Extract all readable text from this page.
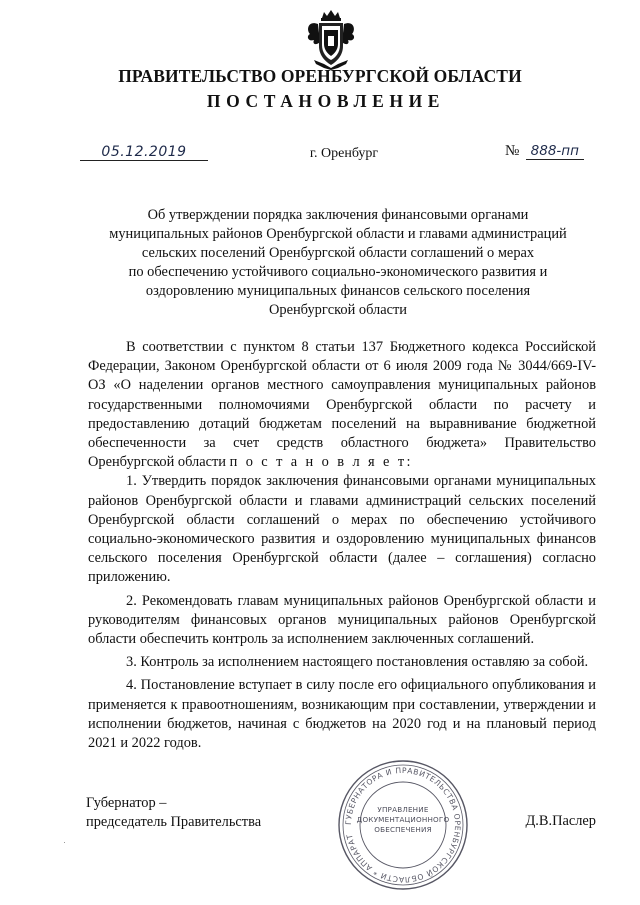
ПРАВИТЕЛЬСТВО ОРЕНБУРГСКОЙ ОБЛАСТИ
ПОСТАНОВЛЕНИЕ
05.12.2019	г. Оренбург	№ 888-пп
Об утверждении порядка заключения финансовыми органами
муниципальных районов Оренбургской области и главами администраций
сельских поселений Оренбургской области соглашений о мерах
по обеспечению устойчивого социально-экономического развития и
оздоровлению муниципальных финансов сельского поселения
Оренбургской области

В соответствии с пунктом 8 статьи 137 Бюджетного кодекса Российской Федерации, Законом Оренбургской области от 6 июля 2009 года № 3044/669-IV-ОЗ «О наделении органов местного самоуправления муниципальных районов государственными полномочиями Оренбургской области по расчету и предоставлению дотаций бюджетам поселений на выравнивание бюджетной обеспеченности за счет средств областного бюджета» Правительство Оренбургской области п о с т а н о в л я е т:

1. Утвердить порядок заключения финансовыми органами муниципальных районов Оренбургской области и главами администраций сельских поселений Оренбургской области соглашений о мерах по обеспечению устойчивого социально-экономического развития и оздоровлению муниципальных финансов сельского поселения Оренбургской области (далее – соглашения) согласно приложению.

2. Рекомендовать главам муниципальных районов Оренбургской области и руководителям финансовых органов муниципальных районов Оренбургской области обеспечить контроль за исполнением заключенных соглашений.

3. Контроль за исполнением настоящего постановления оставляю за собой.

4. Постановление вступает в силу после его официального опубликования и применяется к правоотношениям, возникающим при составлении, утверждении и исполнении бюджетов, начиная с бюджетов на 2020 год и на плановый период 2021 и 2022 годов.

Губернатор –
председатель Правительства	ГУБЕРНАТОРА И ПРАВИТЕЛЬСТВА ОРЕНБУРГСКОЙ ОБЛАСТИ * АППАРАТ
УПРАВЛЕНИЕ
ДОКУМЕНТАЦИОННОГО
ОБЕСПЕЧЕНИЯ
Д.В.Паслер
